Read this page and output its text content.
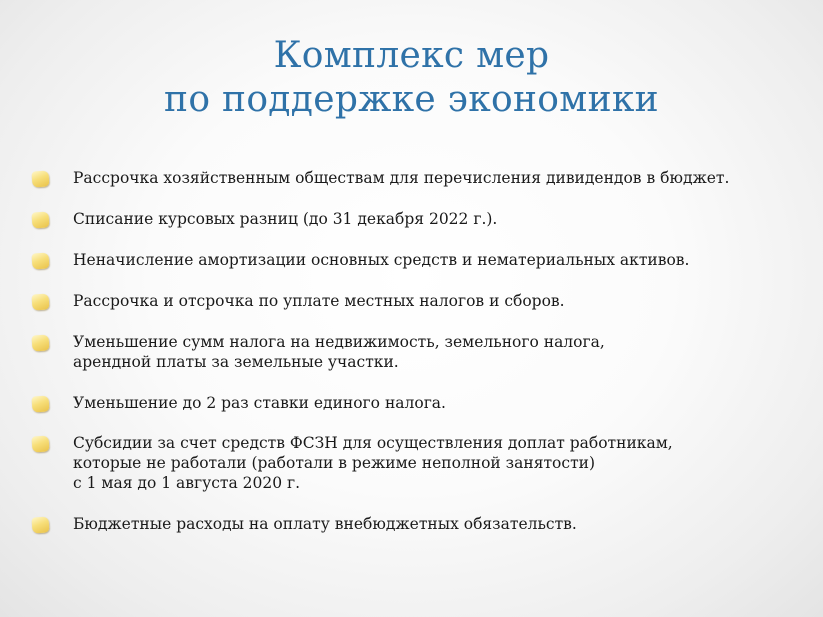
Комплекс мер
по поддержке экономики
Рассрочка хозяйственным обществам для перечисления дивидендов в бюджет.
Списание курсовых разниц (до 31 декабря 2022 г.).
Неначисление амортизации основных средств и нематериальных активов.
Рассрочка и отсрочка по уплате местных налогов и сборов.
Уменьшение сумм налога на недвижимость, земельного налога,
арендной платы за земельные участки.
Уменьшение до 2 раз ставки единого налога.
Субсидии за счет средств ФСЗН для осуществления доплат работникам,
которые не работали (работали в режиме неполной занятости)
с 1 мая до 1 августа 2020 г.
Бюджетные расходы на оплату внебюджетных обязательств.
